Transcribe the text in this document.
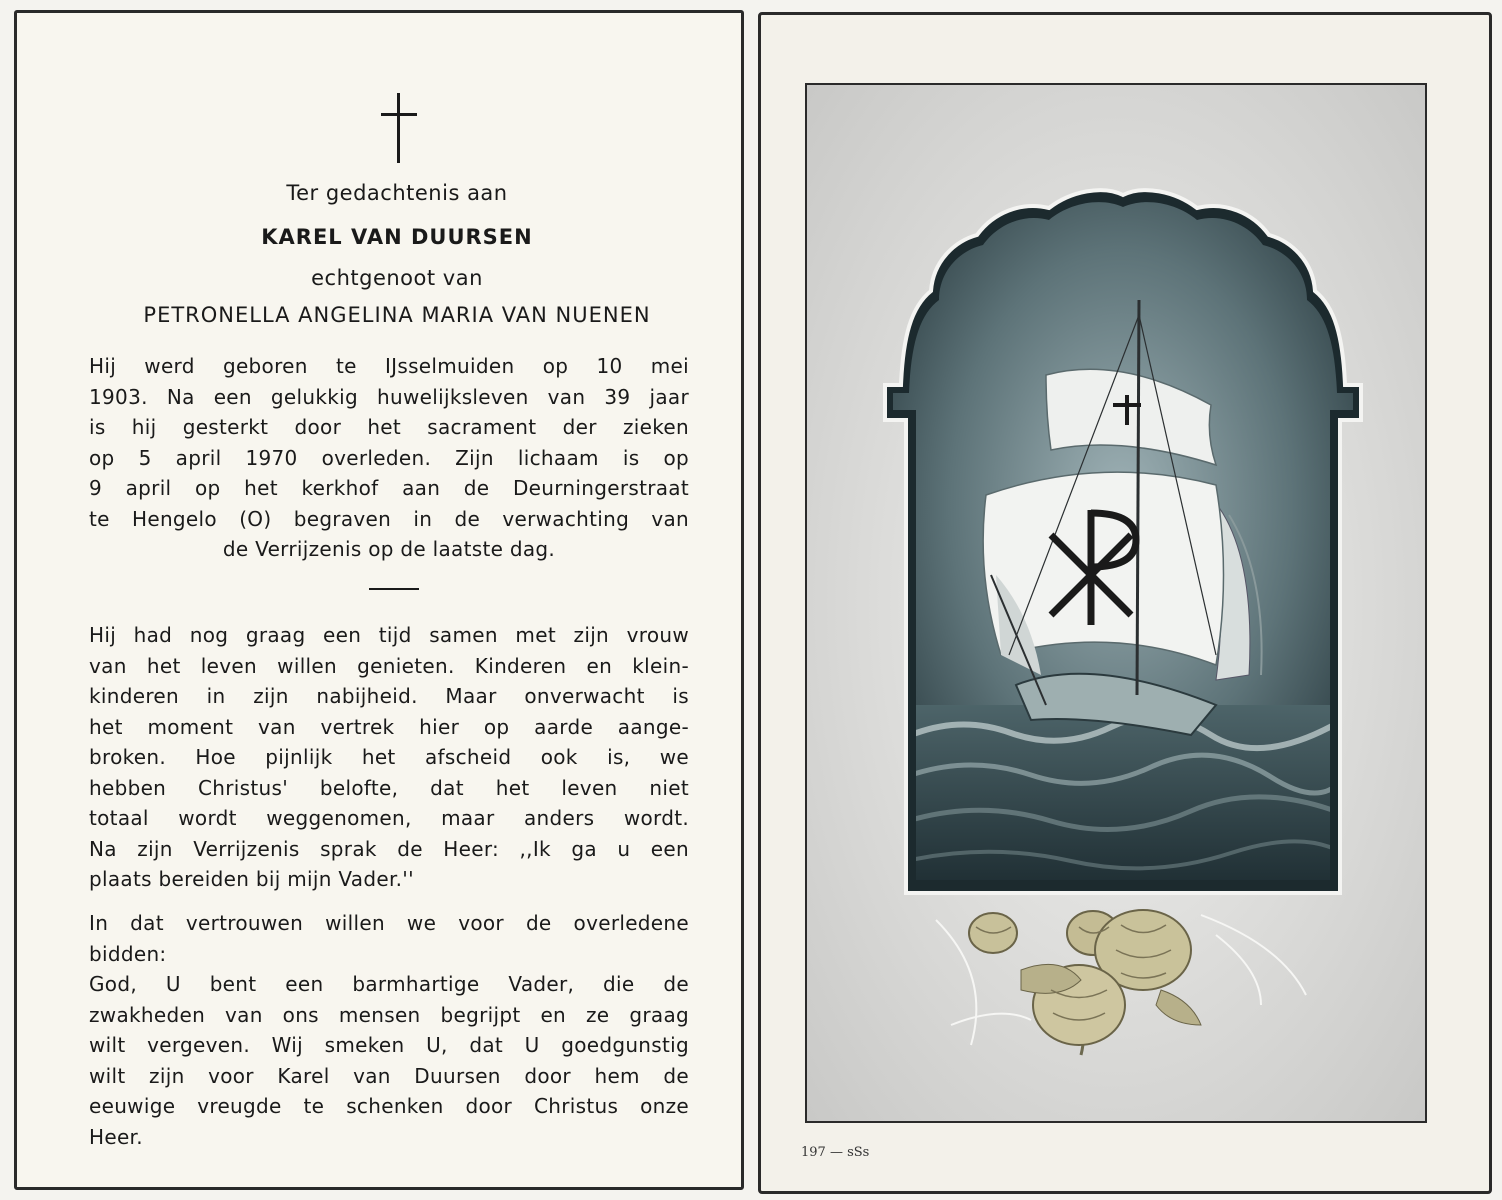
Ter gedachtenis aan
KAREL VAN DUURSEN
echtgenoot van
PETRONELLA ANGELINA MARIA VAN NUENEN
Hij werd geboren te IJsselmuiden op 10 mei
1903. Na een gelukkig huwelijksleven van 39 jaar
is hij gesterkt door het sacrament der zieken
op 5 april 1970 overleden. Zijn lichaam is op
9 april op het kerkhof aan de Deurningerstraat
te Hengelo (O) begraven in de verwachting van
de Verrijzenis op de laatste dag.
Hij had nog graag een tijd samen met zijn vrouw
van het leven willen genieten. Kinderen en klein-
kinderen in zijn nabijheid. Maar onverwacht is
het moment van vertrek hier op aarde aange-
broken. Hoe pijnlijk het afscheid ook is, we
hebben Christus' belofte, dat het leven niet
totaal wordt weggenomen, maar anders wordt.
Na zijn Verrijzenis sprak de Heer: ,,Ik ga u een
plaats bereiden bij mijn Vader.''
In dat vertrouwen willen we voor de overledene
bidden:
God, U bent een barmhartige Vader, die de
zwakheden van ons mensen begrijpt en ze graag
wilt vergeven. Wij smeken U, dat U goedgunstig
wilt zijn voor Karel van Duursen door hem de
eeuwige vreugde te schenken door Christus onze
Heer.
197 — sSs
